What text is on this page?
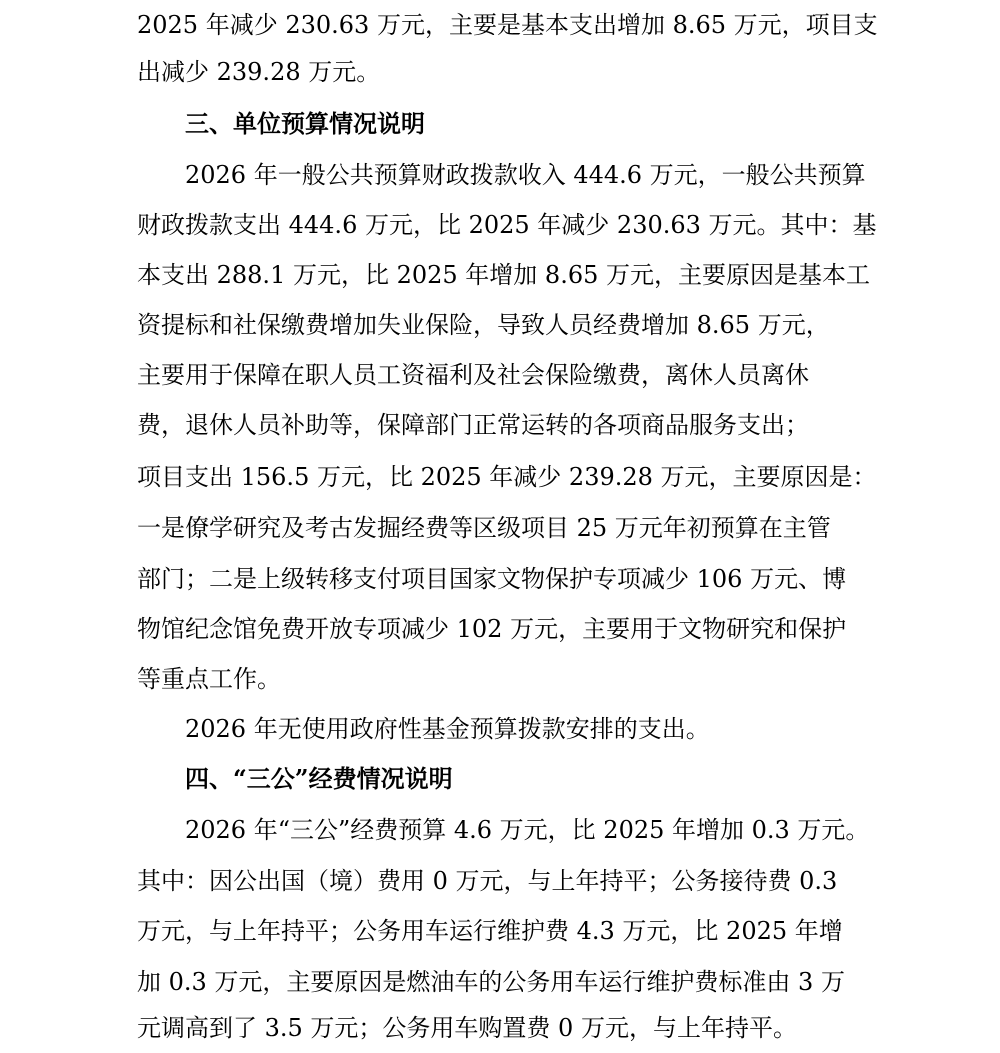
2025 年减少 230.63 万元，主要是基本支出增加 8.65 万元，项目支
出减少 239.28 万元。
三、单位预算情况说明
2026 年一般公共预算财政拨款收入 444.6 万元，一般公共预算
财政拨款支出 444.6 万元，比 2025 年减少 230.63 万元。其中：基
本支出 288.1 万元，比 2025 年增加 8.65 万元，主要原因是基本工
资提标和社保缴费增加失业保险，导致人员经费增加 8.65 万元，
主要用于保障在职人员工资福利及社会保险缴费，离休人员离休
费，退休人员补助等，保障部门正常运转的各项商品服务支出；
项目支出 156.5 万元，比 2025 年减少 239.28 万元，主要原因是：
一是僚学研究及考古发掘经费等区级项目 25 万元年初预算在主管
部门；二是上级转移支付项目国家文物保护专项减少 106 万元、博
物馆纪念馆免费开放专项减少 102 万元，主要用于文物研究和保护
等重点工作。
2026 年无使用政府性基金预算拨款安排的支出。
四、“三公”经费情况说明
2026 年“三公”经费预算 4.6 万元，比 2025 年增加 0.3 万元。
其中：因公出国（境）费用 0 万元，与上年持平；公务接待费 0.3
万元，与上年持平；公务用车运行维护费 4.3 万元，比 2025 年增
加 0.3 万元，主要原因是燃油车的公务用车运行维护费标准由 3 万
元调高到了 3.5 万元；公务用车购置费 0 万元，与上年持平。
